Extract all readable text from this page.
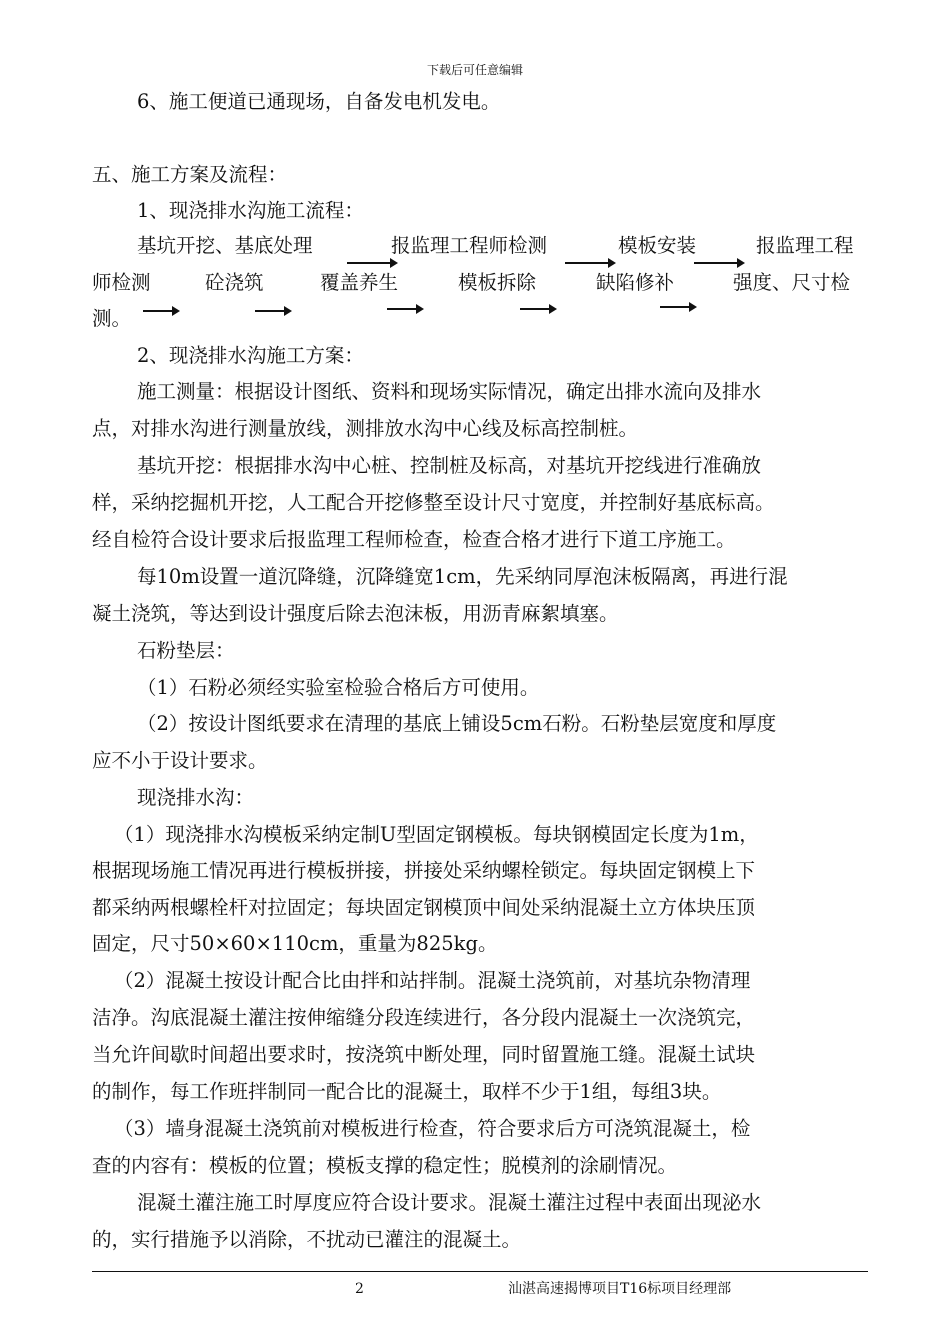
下载后可任意编辑
6、施工便道已通现场，自备发电机发电。
五、施工方案及流程：
1、现浇排水沟施工流程：
基坑开挖、基底处理	报监理工程师检测	模板安装	报监理工程
师检测	砼浇筑	覆盖养生	模板拆除	缺陷修补	强度、尺寸检
测。
2、现浇排水沟施工方案：
施工测量：根据设计图纸、资料和现场实际情况，确定出排水流向及排水
点，对排水沟进行测量放线，测排放水沟中心线及标高控制桩。
基坑开挖：根据排水沟中心桩、控制桩及标高，对基坑开挖线进行准确放
样，采纳挖掘机开挖，人工配合开挖修整至设计尺寸宽度，并控制好基底标高。
经自检符合设计要求后报监理工程师检查，检查合格才进行下道工序施工。
每10m设置一道沉降缝，沉降缝宽1cm，先采纳同厚泡沫板隔离，再进行混
凝土浇筑，等达到设计强度后除去泡沫板，用沥青麻絮填塞。
石粉垫层：
（1）石粉必须经实验室检验合格后方可使用。
（2）按设计图纸要求在清理的基底上铺设5cm石粉。石粉垫层宽度和厚度
应不小于设计要求。
现浇排水沟：
（1）现浇排水沟模板采纳定制U型固定钢模板。每块钢模固定长度为1m，
根据现场施工情况再进行模板拼接，拼接处采纳螺栓锁定。每块固定钢模上下
都采纳两根螺栓杆对拉固定；每块固定钢模顶中间处采纳混凝土立方体块压顶
固定，尺寸50×60×110cm，重量为825kg。
（2）混凝土按设计配合比由拌和站拌制。混凝土浇筑前，对基坑杂物清理
洁净。沟底混凝土灌注按伸缩缝分段连续进行，各分段内混凝土一次浇筑完，
当允许间歇时间超出要求时，按浇筑中断处理，同时留置施工缝。混凝土试块
的制作，每工作班拌制同一配合比的混凝土，取样不少于1组，每组3块。
（3）墙身混凝土浇筑前对模板进行检查，符合要求后方可浇筑混凝土，检
查的内容有：模板的位置；模板支撑的稳定性；脱模剂的涂刷情况。
混凝土灌注施工时厚度应符合设计要求。混凝土灌注过程中表面出现泌水
的，实行措施予以消除，不扰动已灌注的混凝土。
2	汕湛高速揭博项目T16标项目经理部
